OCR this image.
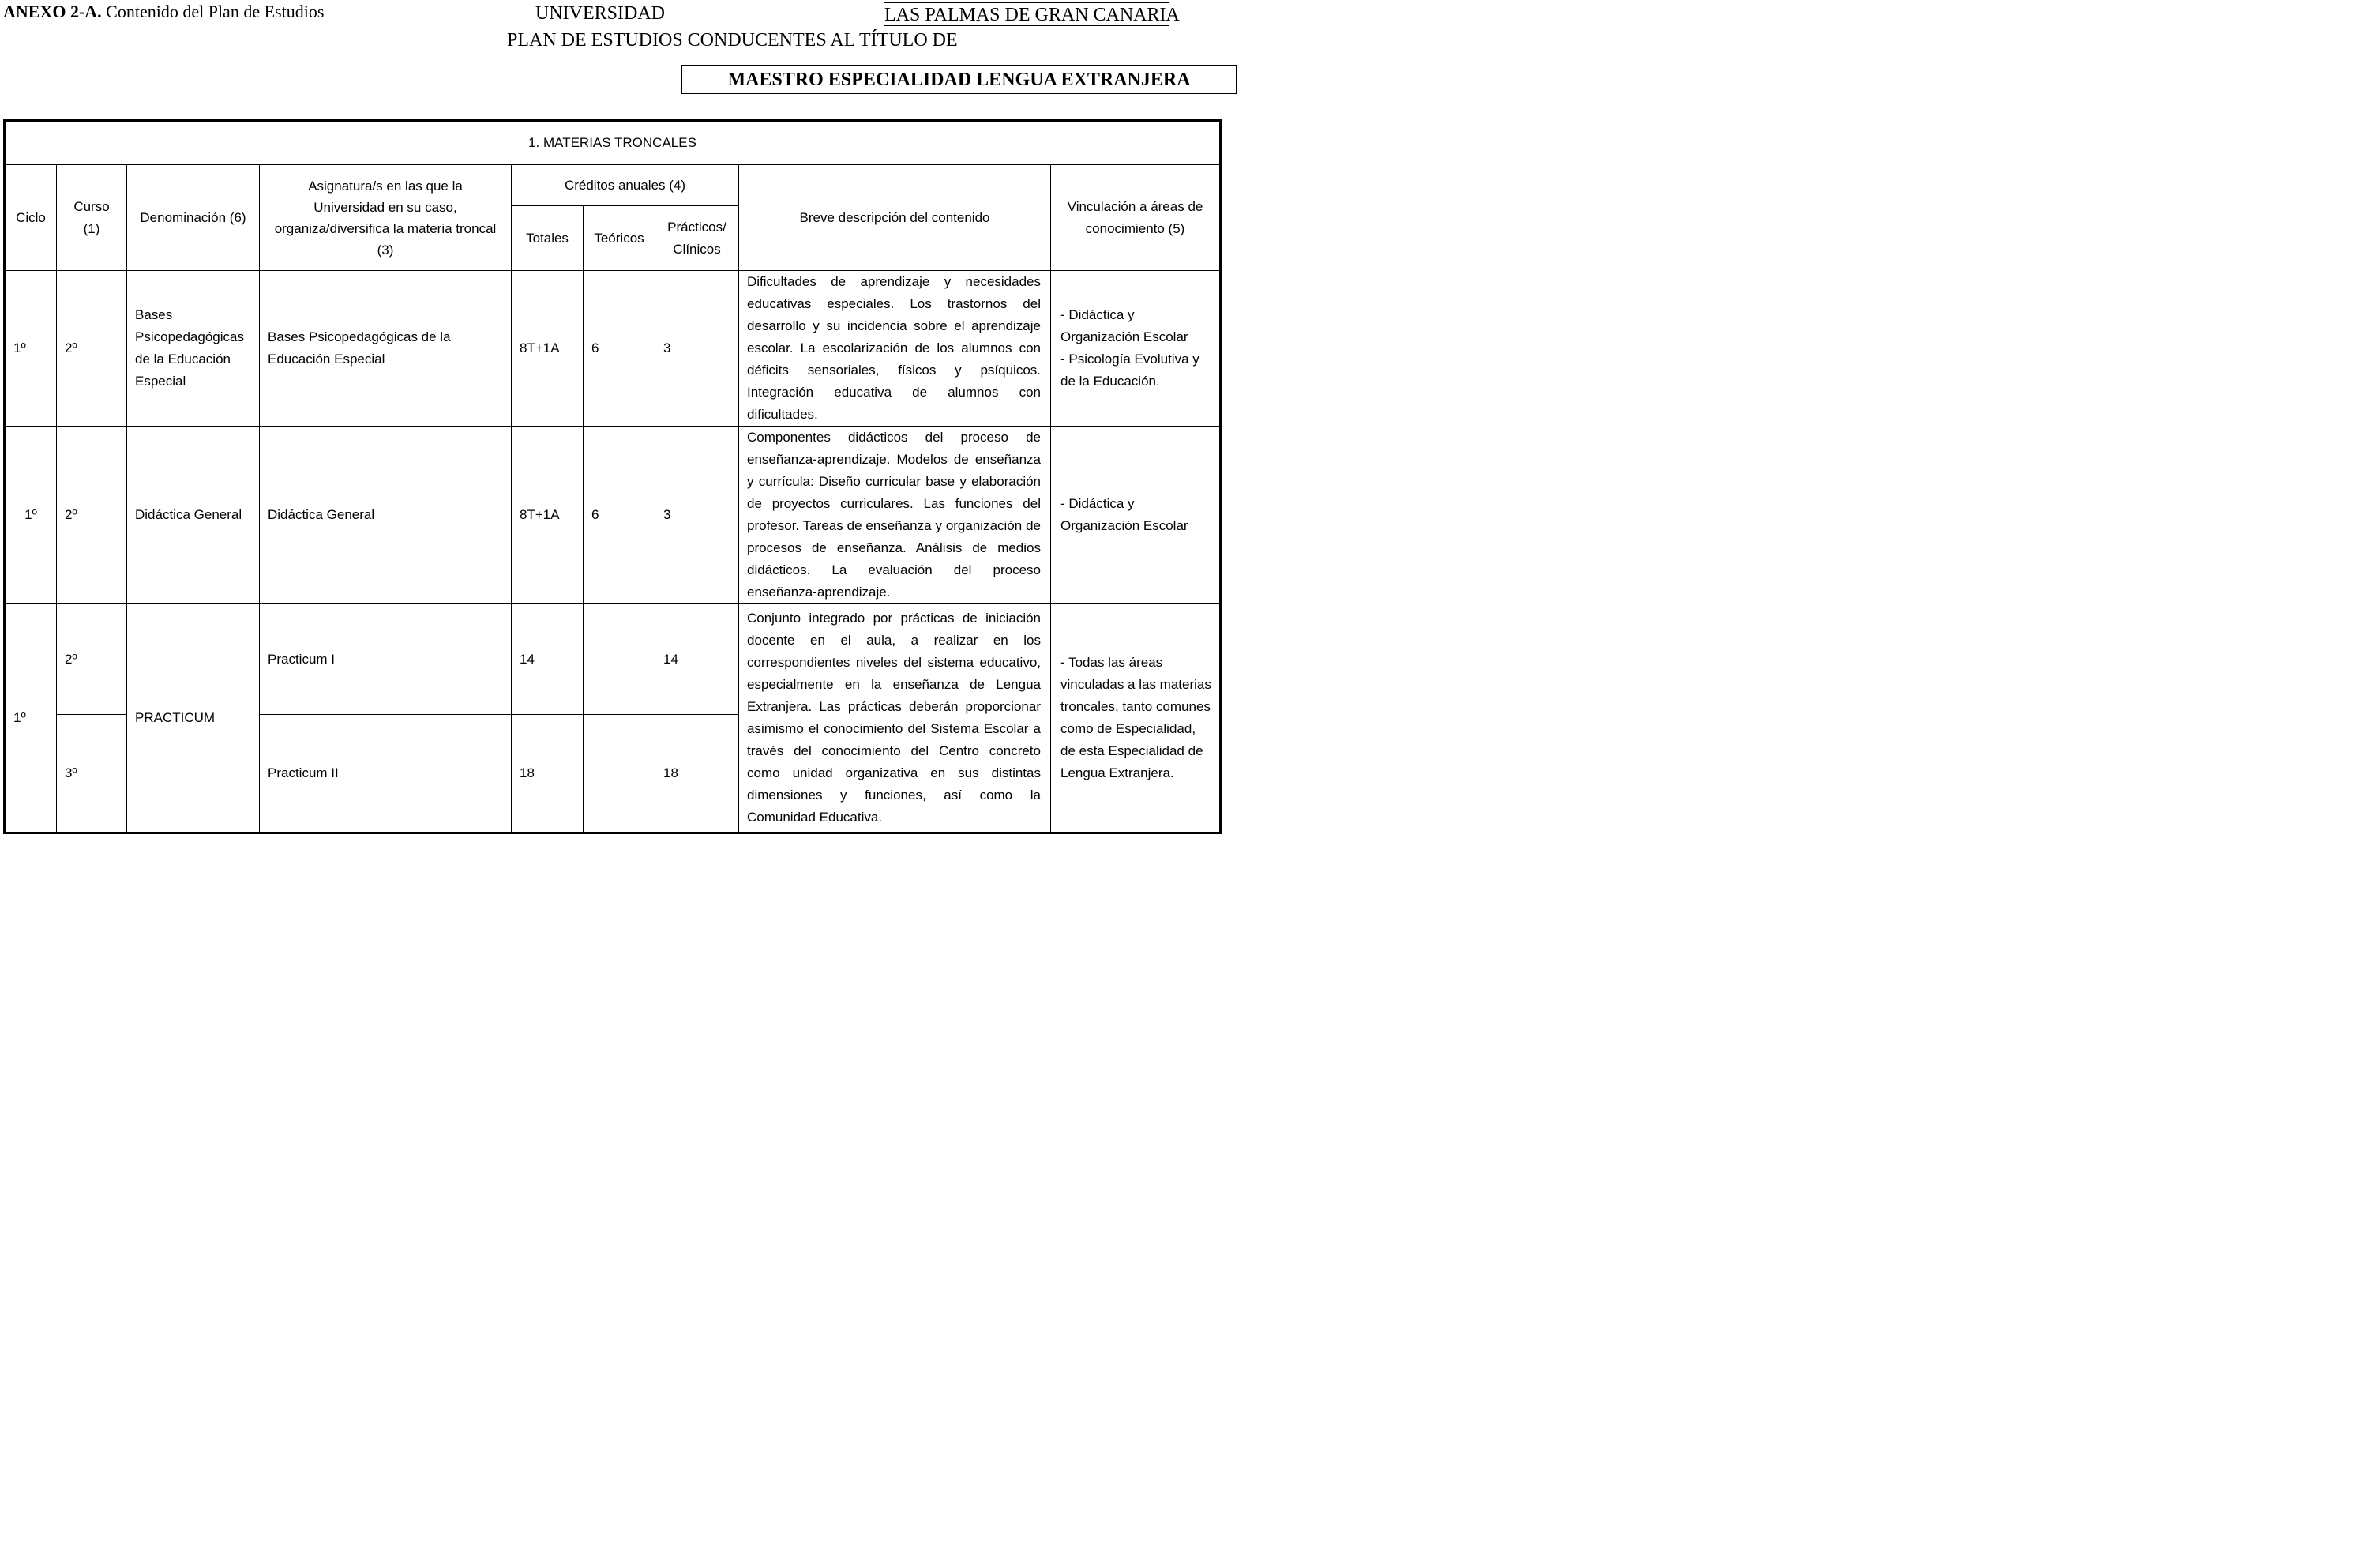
ANEXO 2-A. Contenido del Plan de Estudios	UNIVERSIDAD	LAS PALMAS DE GRAN CANARIA
PLAN DE ESTUDIOS CONDUCENTES AL TÍTULO DE
MAESTRO ESPECIALIDAD LENGUA EXTRANJERA
1. MATERIAS TRONCALES								
Ciclo	Curso (1)	Denominación (6)	Asignatura/s en las que la Universidad en su caso, organiza/diversifica la materia troncal (3)	Créditos anuales (4)			Breve descripción del contenido	Vinculación a áreas de conocimiento (5)
				Totales	Teóricos	Prácticos/ Clínicos		
1º	2º	Bases Psicopedagógicas de la Educación Especial	Bases Psicopedagógicas de la Educación Especial	8T+1A	6	3	Dificultades de aprendizaje y necesidades educativas especiales. Los trastornos del desarrollo y su incidencia sobre el aprendizaje escolar. La escolarización de los alumnos con déficits sensoriales, físicos y psíquicos. Integración educativa de alumnos con dificultades.	- Didáctica y Organización Escolar
- Psicología Evolutiva y de la Educación.

1º	2º	Didáctica General	Didáctica General	8T+1A	6	3	Componentes didácticos del proceso de enseñanza-aprendizaje. Modelos de enseñanza y currícula: Diseño curricular base y elaboración de proyectos curriculares. Las funciones del profesor. Tareas de enseñanza y organización de procesos de enseñanza. Análisis de medios didácticos. La evaluación del proceso enseñanza-aprendizaje.	- Didáctica y Organización Escolar

1º	2º	PRACTICUM	Practicum I	14		14	Conjunto integrado por prácticas de iniciación docente en el aula, a realizar en los correspondientes niveles del sistema educativo, especialmente en la enseñanza de Lengua Extranjera. Las prácticas deberán proporcionar asimismo el conocimiento del Sistema Escolar a través del conocimiento del Centro concreto como unidad organizativa en sus distintas dimensiones y funciones, así como la Comunidad Educativa.	- Todas las áreas vinculadas a las materias troncales, tanto comunes como de Especialidad, de esta Especialidad de Lengua Extranjera.

	3º		Practicum II	18		18		
